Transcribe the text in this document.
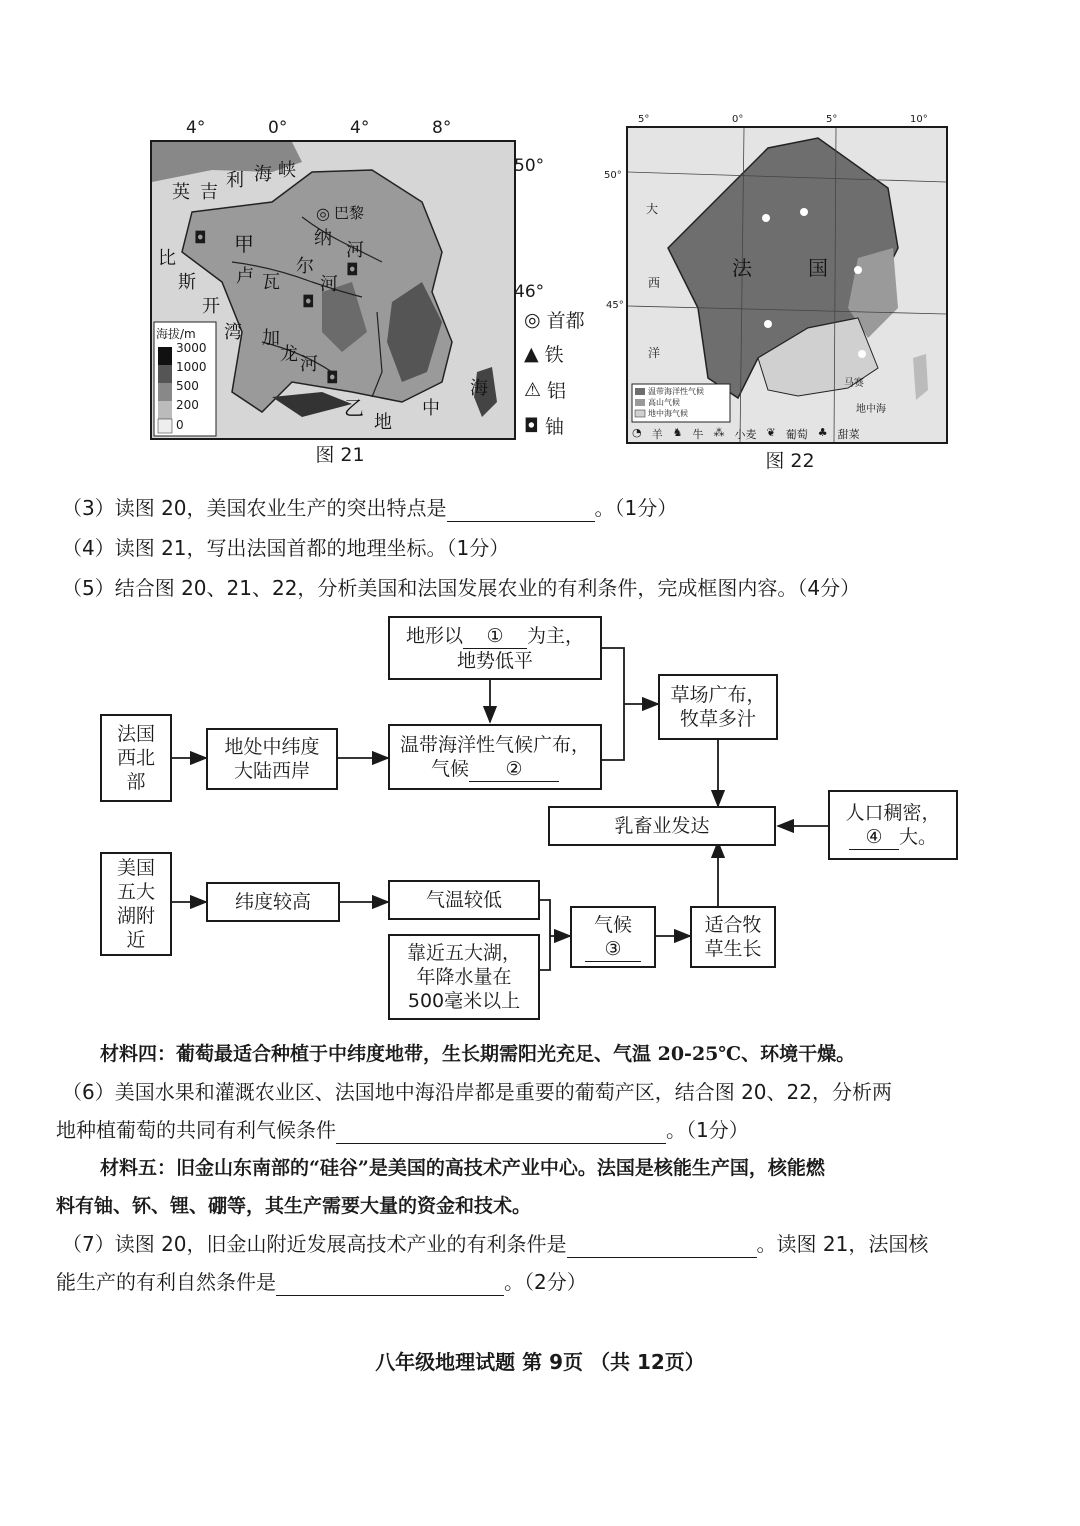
4°	0°	4°	8°
海拔/m
3000
1000
500
200
0
英 吉
利 海 峡
◎ 巴黎
甲
◘	纳
河
◘
比
斯
开
卢 瓦
尔
河
◘
湾 加
龙 河
◘
乙
地
中
海
50°
46°
图 21
◎ 首都
▲ 铁
⚠ 铝
◘ 铀
5°	0°	5°	10°
50°
45°
大
西
洋
法	国
马赛
地中海
温带海洋性气候
高山气候
地中海气候
◔ 羊 ♞ 牛 ⁂ 小麦 ❦ 葡萄 ♣ 甜菜
图 22
（3）读图 20，美国农业生产的突出特点是	。（1分）
（4）读图 21，写出法国首都的地理坐标。（1分）
（5）结合图 20、21、22，分析美国和法国发展农业的有利条件，完成框图内容。（4分）
法国西北部
地处中纬度大陆西岸
地形以 ① 为主，
地势低平
温带海洋性气候广布，
气候 ②
草场广布，牧草多汁
乳畜业发达
人口稠密，
④ 大。
美国五大湖附近
纬度较高	气温较低
靠近五大湖，年降水量在500毫米以上
气候
③
适合牧草生长
材料四：葡萄最适合种植于中纬度地带，生长期需阳光充足、气温 20-25℃、环境干燥。
（6）美国水果和灌溉农业区、法国地中海沿岸都是重要的葡萄产区，结合图 20、22，分析两
地种植葡萄的共同有利气候条件	。（1分）
材料五：旧金山东南部的“硅谷”是美国的高技术产业中心。法国是核能生产国，核能燃
料有铀、钚、锂、硼等，其生产需要大量的资金和技术。
（7）读图 20，旧金山附近发展高技术产业的有利条件是	。读图 21，法国核
能生产的有利自然条件是	。（2分）
八年级地理试题 第 9页 （共 12页）
